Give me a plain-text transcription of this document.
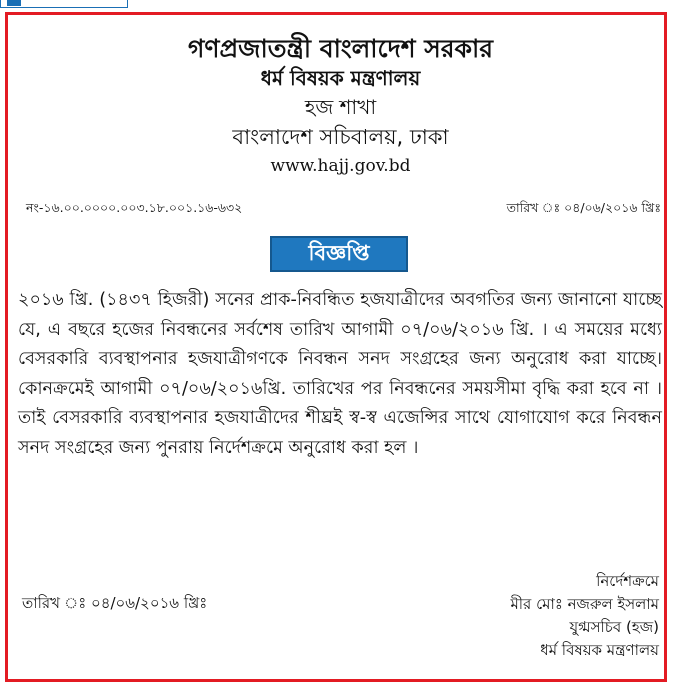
গণপ্রজাতন্ত্রী বাংলাদেশ সরকার
ধর্ম বিষয়ক মন্ত্রণালয়
হজ শাখা
বাংলাদেশ সচিবালয়, ঢাকা
www.hajj.gov.bd
নং-১৬.০০.০০০০.০০৩.১৮.০০১.১৬-৬৩২	তারিখ ঃ ০৪/০৬/২০১৬ খ্রিঃ
বিজ্ঞপ্তি
২০১৬ খ্রি. (১৪৩৭ হিজরী) সনের প্রাক-নিবন্ধিত হজযাত্রীদের অবগতির জন্য জানানো যাচ্ছে যে, এ বছরে হজের নিবন্ধনের সর্বশেষ তারিখ আগামী ০৭/০৬/২০১৬ খ্রি. । এ সময়ের মধ্যে বেসরকারি ব্যবস্থাপনার হজযাত্রীগণকে নিবন্ধন সনদ সংগ্রহের জন্য অনুরোধ করা যাচ্ছে। কোনক্রমেই আগামী ০৭/০৬/২০১৬খ্রি. তারিখের পর নিবন্ধনের সময়সীমা বৃদ্ধি করা হবে না । তাই বেসরকারি ব্যবস্থাপনার হজযাত্রীদের শীঘ্রই স্ব-স্ব এজেন্সির সাথে যোগাযোগ করে নিবন্ধন সনদ সংগ্রহের জন্য পুনরায় নির্দেশক্রমে অনুরোধ করা হল ।
তারিখ ঃ ০৪/০৬/২০১৬ খ্রিঃ
নির্দেশক্রমে
মীর মোঃ নজরুল ইসলাম
যুগ্মসচিব (হজ)
ধর্ম বিষয়ক মন্ত্রণালয়
